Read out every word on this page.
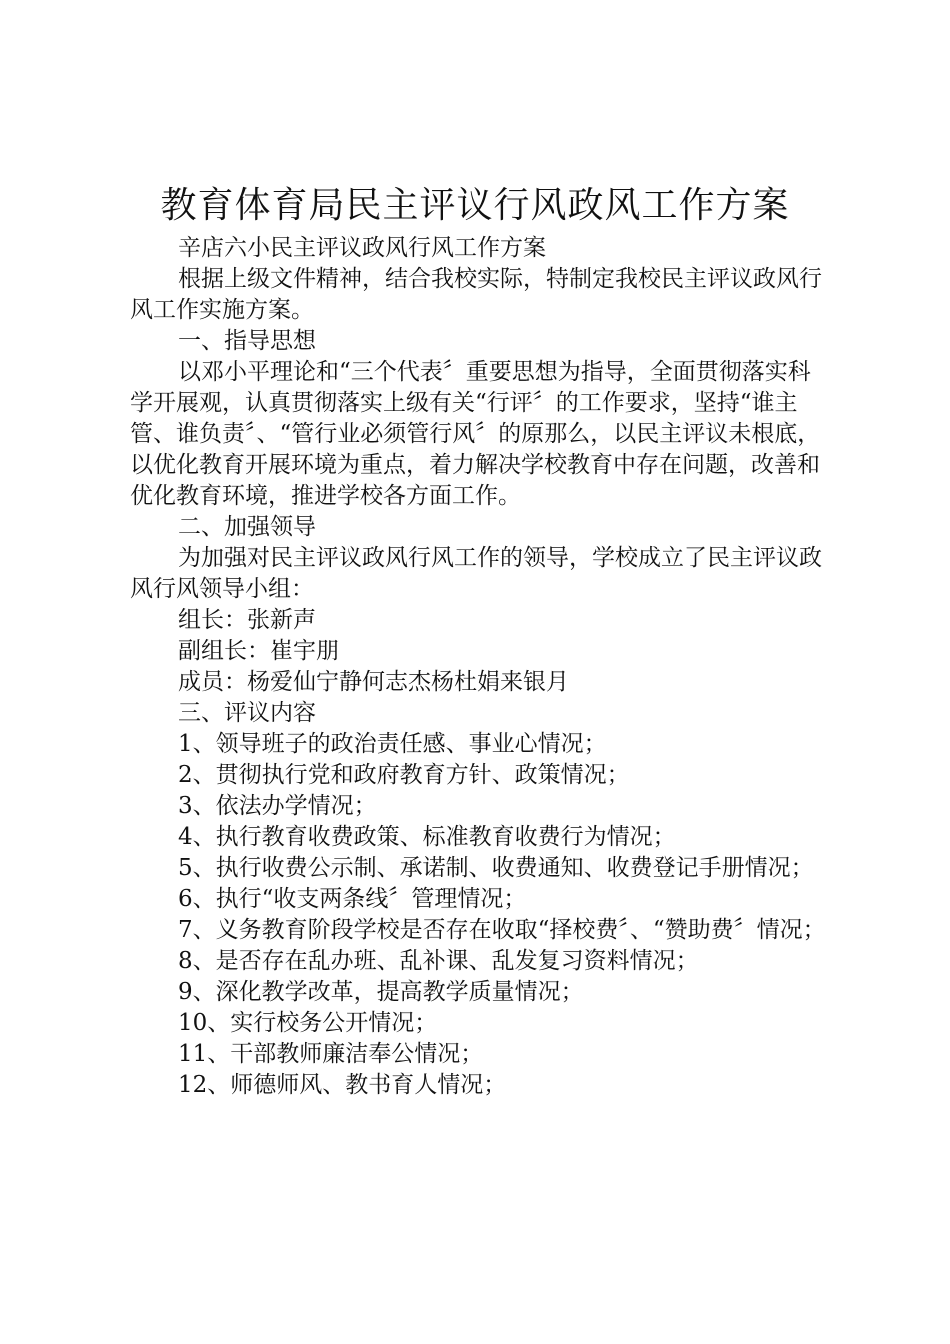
教育体育局民主评议行风政风工作方案

辛店六小民主评议政风行风工作方案

根据上级文件精神，结合我校实际，特制定我校民主评议政风行风工作实施方案。

一、指导思想

以邓小平理论和“三个代表〞重要思想为指导，全面贯彻落实科学开展观，认真贯彻落实上级有关“行评〞的工作要求，坚持“谁主管、谁负责〞、“管行业必须管行风〞的原那么，以民主评议未根底，以优化教育开展环境为重点，着力解决学校教育中存在问题，改善和优化教育环境，推进学校各方面工作。

二、加强领导

为加强对民主评议政风行风工作的领导，学校成立了民主评议政风行风领导小组：

组长：张新声

副组长：崔宇朋

成员：杨爱仙宁静何志杰杨杜娟来银月

三、评议内容

1、领导班子的政治责任感、事业心情况；

2、贯彻执行党和政府教育方针、政策情况；

3、依法办学情况；

4、执行教育收费政策、标准教育收费行为情况；

5、执行收费公示制、承诺制、收费通知、收费登记手册情况；

6、执行“收支两条线〞管理情况；

7、义务教育阶段学校是否存在收取“择校费〞、“赞助费〞情况；

8、是否存在乱办班、乱补课、乱发复习资料情况；

9、深化教学改革，提高教学质量情况；

10、实行校务公开情况；

11、干部教师廉洁奉公情况；

12、师德师风、教书育人情况；
